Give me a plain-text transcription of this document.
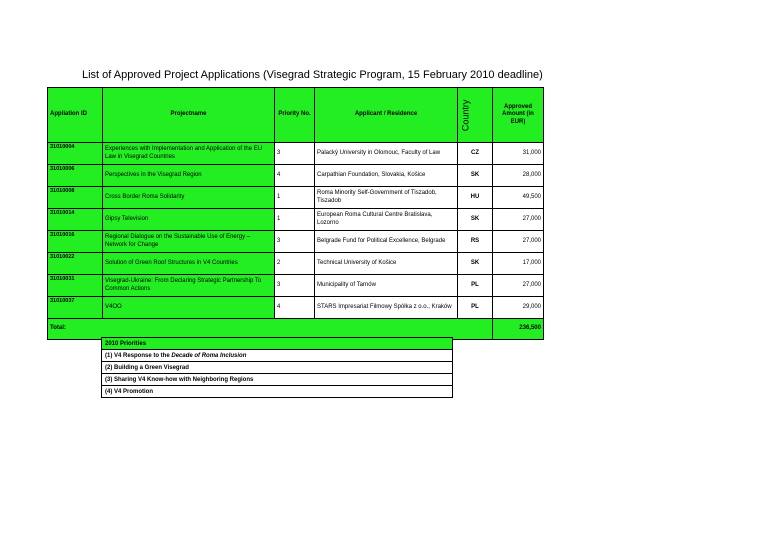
List of Approved Project Applications (Visegrad Strategic Program, 15 February 2010 deadline)
Appliation ID	Projectname	Priority No.	Applicant / Residence	Country	Approved Amount (in EUR)
31010004	Experiences with Implementation and Application of the EU Law in Visegrad Countries	3	Palacký University in Olomouc, Faculty of Law	CZ	31,000
31010006	Perspectives in the Visegrad Region	4	Carpathian Foundation, Slovakia, Košice	SK	28,000
31010008	Cross Border Roma Solidarity	1	Roma Minority Self-Government of Tiszadob, Tiszadob	HU	49,500
31010014	Gipsy Television	1	European Roma Cultural Centre Bratislava, Lozorno	SK	27,000
31010016	Regional Dialogue on the Sustainable Use of Energy – Network for Change	3	Belgrade Fund for Political Excellence, Belgrade	RS	27,000
31010022	Solution of Green Roof Structures in V4 Countries	2	Technical University of Košice	SK	17,000
31010031	Visegrad-Ukraine: From Declaring Strategic Partnership To Common Actions	3	Municipality of Tarnów	PL	27,000
31010037	V4OO	4	STARS Impresariat Filmowy Spółka z o.o., Kraków	PL	29,000
Total:					236,500
2010 Priorities
(1) V4 Response to the Decade of Roma Inclusion
(2) Building a Green Visegrad
(3) Sharing V4 Know-how with Neighboring Regions
(4) V4 Promotion
